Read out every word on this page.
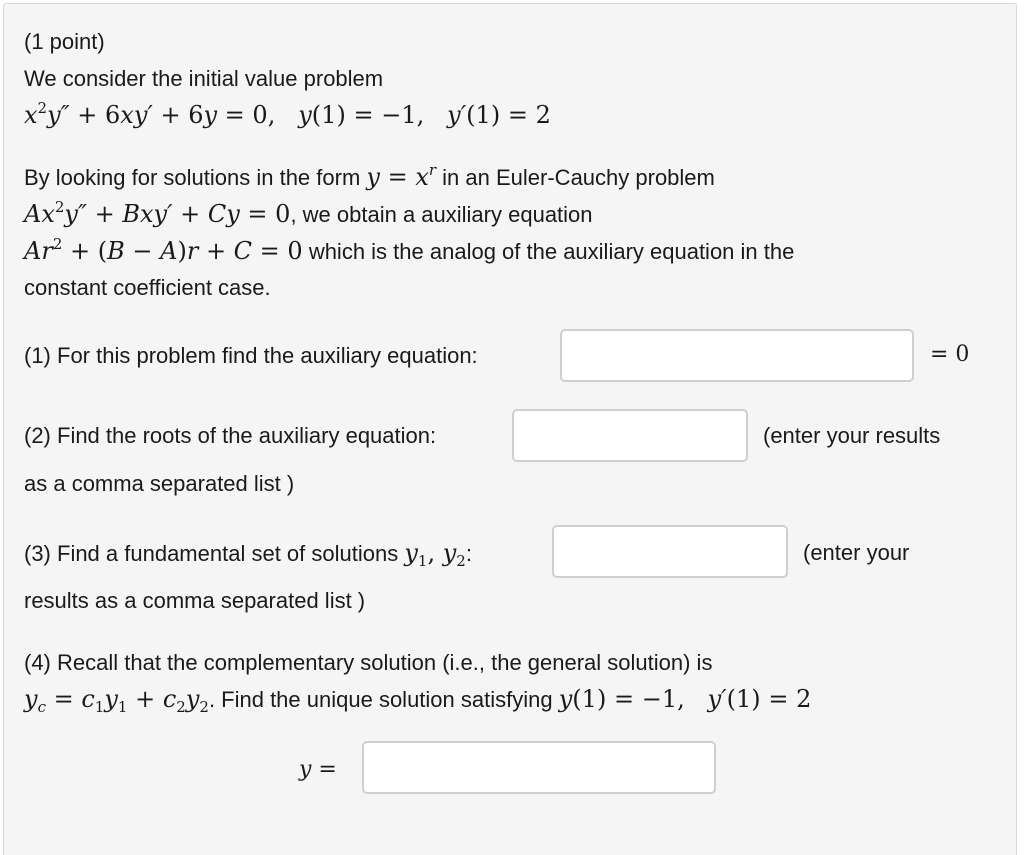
(1 point)
We consider the initial value problem
$x^2y'' + 6xy' + 6y = 0$,   y(1) = −1,   y′(1) = 2
By looking for solutions in the form $y = x^r$ in an Euler-Cauchy problem
$Ax^2y'' + Bxy' + Cy = 0$, we obtain a auxiliary equation
$Ar^2 + (B - A)r + C = 0$ which is the analog of the auxiliary equation in the
constant coefficient case.
(1) For this problem find the auxiliary equation:	= 0
(2) Find the roots of the auxiliary equation:	(enter your results
as a comma separated list )
(3) Find a fundamental set of solutions $y_1$, $y_2$:	(enter your
results as a comma separated list )
(4) Recall that the complementary solution (i.e., the general solution) is
$y_c = c_1y_1 + c_2y_2$. Find the unique solution satisfying y(1) = −1,   y′(1) = 2
y =
